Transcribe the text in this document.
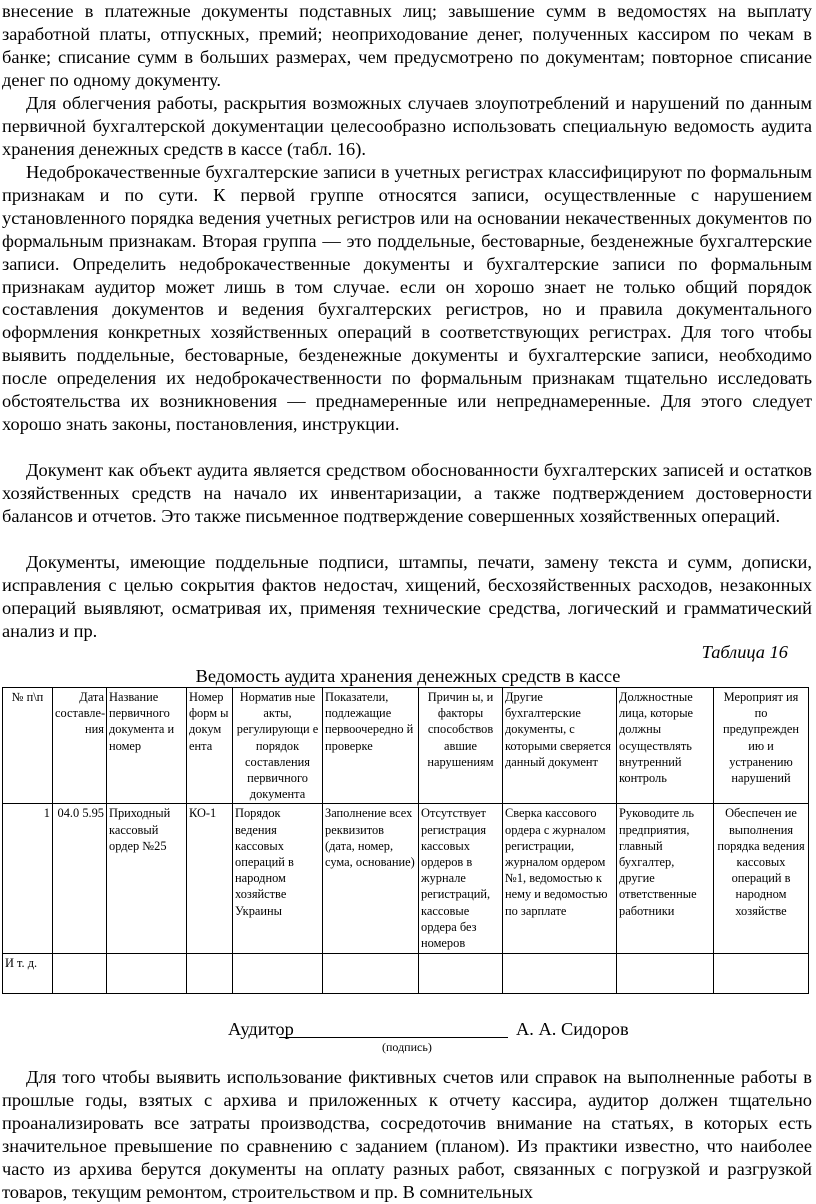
внесение в платежные документы подставных лиц; завышение сумм в ведомостях на выплату заработной платы, отпускных, премий; неоприходование денег, полученных кассиром по чекам в банке; списание сумм в больших размерах, чем предусмотрено по документам; повторное списание денег по одному документу.

Для облегчения работы, раскрытия возможных случаев злоупотреблений и нарушений по данным первичной бухгалтерской документации целесообразно использовать специальную ведомость аудита хранения денежных средств в кассе (табл. 16).

Недоброкачественные бухгалтерские записи в учетных регистрах классифицируют по формальным признакам и по сути. К первой группе относятся записи, осуществленные с нарушением установленного порядка ведения учетных регистров или на основании некачественных документов по формальным признакам. Вторая группа — это поддельные, бестоварные, безденежные бухгалтерские записи. Определить недоброкачественные документы и бухгалтерские записи по формальным признакам аудитор может лишь в том случае. если он хорошо знает не только общий порядок составления документов и ведения бухгалтерских регистров, но и правила документального оформления конкретных хозяйственных операций в соответствующих регистрах. Для того чтобы выявить поддельные, бестоварные, безденежные документы и бухгалтерские записи, необходимо после определения их недоброкачественности по формальным признакам тщательно исследовать обстоятельства их возникновения — преднамеренные или непреднамеренные. Для этого следует хорошо знать законы, постановления, инструкции.

Документ как объект аудита является средством обоснованности бухгалтерских записей и остатков хозяйственных средств на начало их инвентаризации, а также подтверждением достоверности балансов и отчетов. Это также письменное подтверждение совершенных хозяйственных операций.

Документы, имеющие поддельные подписи, штампы, печати, замену текста и сумм, дописки, исправления с целью сокрытия фактов недостач, хищений, бесхозяйственных расходов, незаконных операций выявляют, осматривая их, применяя технические средства, логический и грамматический анализ и пр.

Таблица 16
Ведомость аудита хранения денежных средств в кассе
№ п\п	Дата составления	Название первичного документа и номер	Номер форм ы докум ента	Норматив ные акты, регулирующи е порядок составления первичного документа	Показатели, подлежащие первоочередно й проверке	Причин ы, и факторы способствов авшие нарушениям	Другие бухгалтерские документы, с которыми сверяется данный документ	Должностные лица, которые должны осуществлять внутренний контроль	Мероприят ия по предупрежден ию и устранению нарушений
1	04.0 5.95	Приходный кассовый ордер №25	КО-1	Порядок ведения кассовых операций в народном хозяйстве Украины	Заполнение всех реквизитов (дата, номер, сума, основание)	Отсутствует регистрация кассовых ордеров в журнале регистраций, кассовые ордера без номеров	Сверка кассового ордера с журналом регистрации, журналом ордером №1, ведомостью к нему и ведомостью по зарплате	Руководите ль предприятия, главный бухгалтер, другие ответственные работники	Обеспечен ие выполнения порядка ведения кассовых операций в народном хозяйстве
И т. д.									
Аудитор	А. А. Сидоров
(подпись)

Для того чтобы выявить использование фиктивных счетов или справок на выполненные работы в прошлые годы, взятых с архива и приложенных к отчету кассира, аудитор должен тщательно проанализировать все затраты производства, сосредоточив внимание на статьях, в которых есть значительное превышение по сравнению с заданием (планом). Из практики известно, что наиболее часто из архива берутся документы на оплату разных работ, связанных с погрузкой и разгрузкой товаров, текущим ремонтом, строительством и пр. В сомнительных
